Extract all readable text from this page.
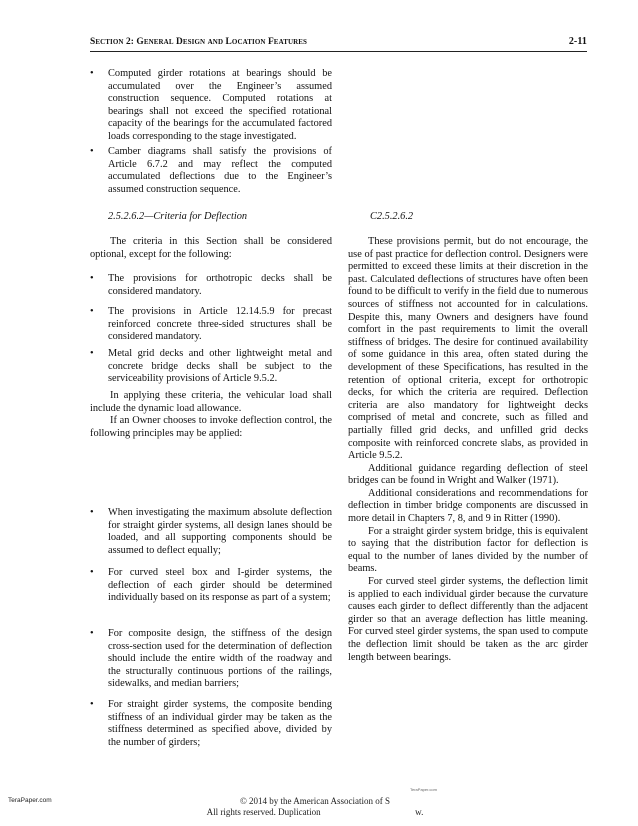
Section 2: General Design and Location Features	2-11
•	Computed girder rotations at bearings should be accumulated over the Engineer’s assumed construction sequence. Computed rotations at bearings shall not exceed the specified rotational capacity of the bearings for the accumulated factored loads corresponding to the stage investigated.
•	Camber diagrams shall satisfy the provisions of Article 6.7.2 and may reflect the computed accumulated deflections due to the Engineer’s assumed construction sequence.
2.5.2.6.2—Criteria for Deflection

The criteria in this Section shall be considered optional, except for the following:

•	The provisions for orthotropic decks shall be considered mandatory.
•	The provisions in Article 12.14.5.9 for precast reinforced concrete three-sided structures shall be considered mandatory.
•	Metal grid decks and other lightweight metal and concrete bridge decks shall be subject to the serviceability provisions of Article 9.5.2.

In applying these criteria, the vehicular load shall include the dynamic load allowance.

If an Owner chooses to invoke deflection control, the following principles may be applied:

•	When investigating the maximum absolute deflection for straight girder systems, all design lanes should be loaded, and all supporting components should be assumed to deflect equally;
•	For curved steel box and I-girder systems, the deflection of each girder should be determined individually based on its response as part of a system;
•	For composite design, the stiffness of the design cross-section used for the determination of deflection should include the entire width of the roadway and the structurally continuous portions of the railings, sidewalks, and median barriers;
•	For straight girder systems, the composite bending stiffness of an individual girder may be taken as the stiffness determined as specified above, divided by the number of girders;
C2.5.2.6.2

These provisions permit, but do not encourage, the use of past practice for deflection control. Designers were permitted to exceed these limits at their discretion in the past. Calculated deflections of structures have often been found to be difficult to verify in the field due to numerous sources of stiffness not accounted for in calculations. Despite this, many Owners and designers have found comfort in the past requirements to limit the overall stiffness of bridges. The desire for continued availability of some guidance in this area, often stated during the development of these Specifications, has resulted in the retention of optional criteria, except for orthotropic decks, for which the criteria are required. Deflection criteria are also mandatory for lightweight decks comprised of metal and concrete, such as filled and partially filled grid decks, and unfilled grid decks composite with reinforced concrete slabs, as provided in Article 9.5.2.

Additional guidance regarding deflection of steel bridges can be found in Wright and Walker (1971).

Additional considerations and recommendations for deflection in timber bridge components are discussed in more detail in Chapters 7, 8, and 9 in Ritter (1990).

For a straight girder system bridge, this is equivalent to saying that the distribution factor for deflection is equal to the number of lanes divided by the number of beams.

For curved steel girder systems, the deflection limit is applied to each individual girder because the curvature causes each girder to deflect differently than the adjacent girder so that an average deflection has little meaning. For curved steel girder systems, the span used to compute the deflection limit should be taken as the arc girder length between bearings.

TeraPaper.com
TeraPaper.com	© 2014 by the American Association of S
All rights reserved. Duplication	w.
